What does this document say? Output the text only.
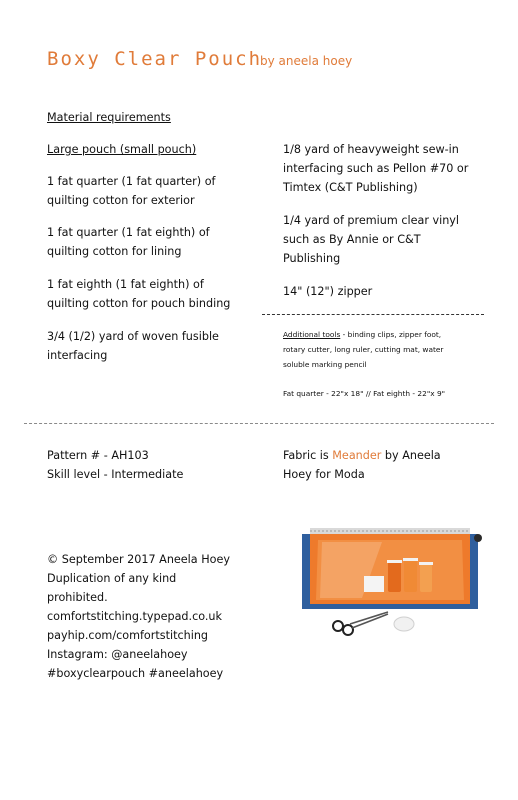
Boxy Clear Pouch
by aneela hoey
Material requirements
Large pouch (small pouch)
1 fat quarter (1 fat quarter) of
quilting cotton for exterior
1 fat quarter (1 fat eighth) of
quilting cotton for lining
1 fat eighth (1 fat eighth) of
quilting cotton for pouch binding
3/4 (1/2) yard of woven fusible
interfacing
1/8 yard of heavyweight sew-in
interfacing such as Pellon #70 or
Timtex (C&T Publishing)
1/4 yard of premium clear vinyl
such as By Annie or C&T
Publishing
14" (12") zipper
Additional tools - binding clips, zipper foot,
rotary cutter, long ruler, cutting mat, water
soluble marking pencil
Fat quarter - 22"x 18" // Fat eighth - 22"x 9"
Pattern # - AH103
Skill level - Intermediate
Fabric is Meander by Aneela
Hoey for Moda
© September 2017 Aneela Hoey
Duplication of any kind
prohibited.
comfortstitching.typepad.co.uk
payhip.com/comfortstitching
Instagram: @aneelahoey
#boxyclearpouch #aneelahoey
